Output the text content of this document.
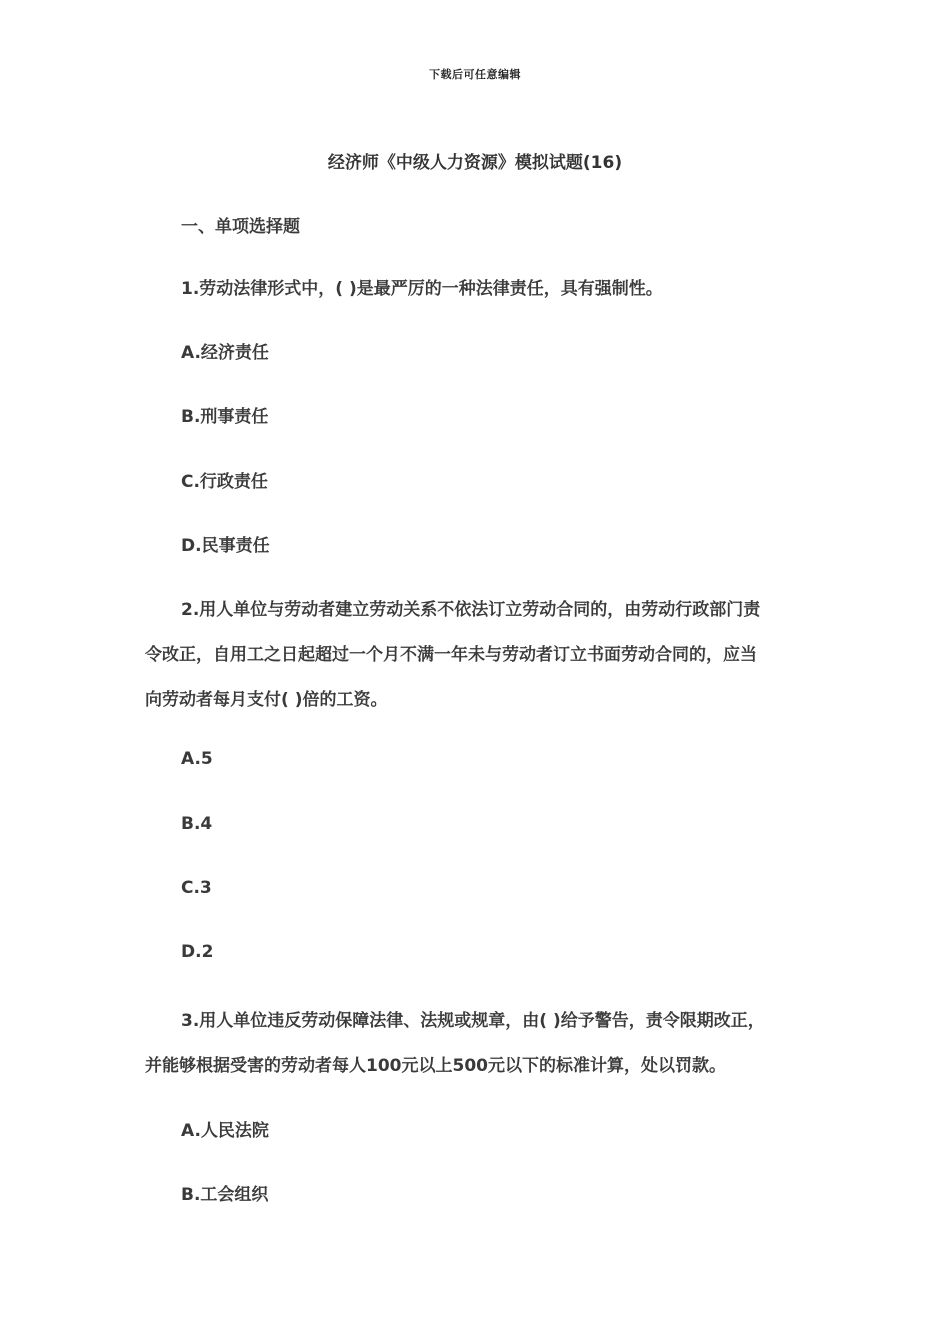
下载后可任意编辑
经济师《中级人力资源》模拟试题(16)
一、单项选择题
1.劳动法律形式中，( )是最严厉的一种法律责任，具有强制性。
A.经济责任
B.刑事责任
C.行政责任
D.民事责任
2.用人单位与劳动者建立劳动关系不依法订立劳动合同的，由劳动行政部门责
令改正，自用工之日起超过一个月不满一年未与劳动者订立书面劳动合同的，应当
向劳动者每月支付( )倍的工资。
A.5
B.4
C.3
D.2
3.用人单位违反劳动保障法律、法规或规章，由( )给予警告，责令限期改正，
并能够根据受害的劳动者每人100元以上500元以下的标准计算，处以罚款。
A.人民法院
B.工会组织
